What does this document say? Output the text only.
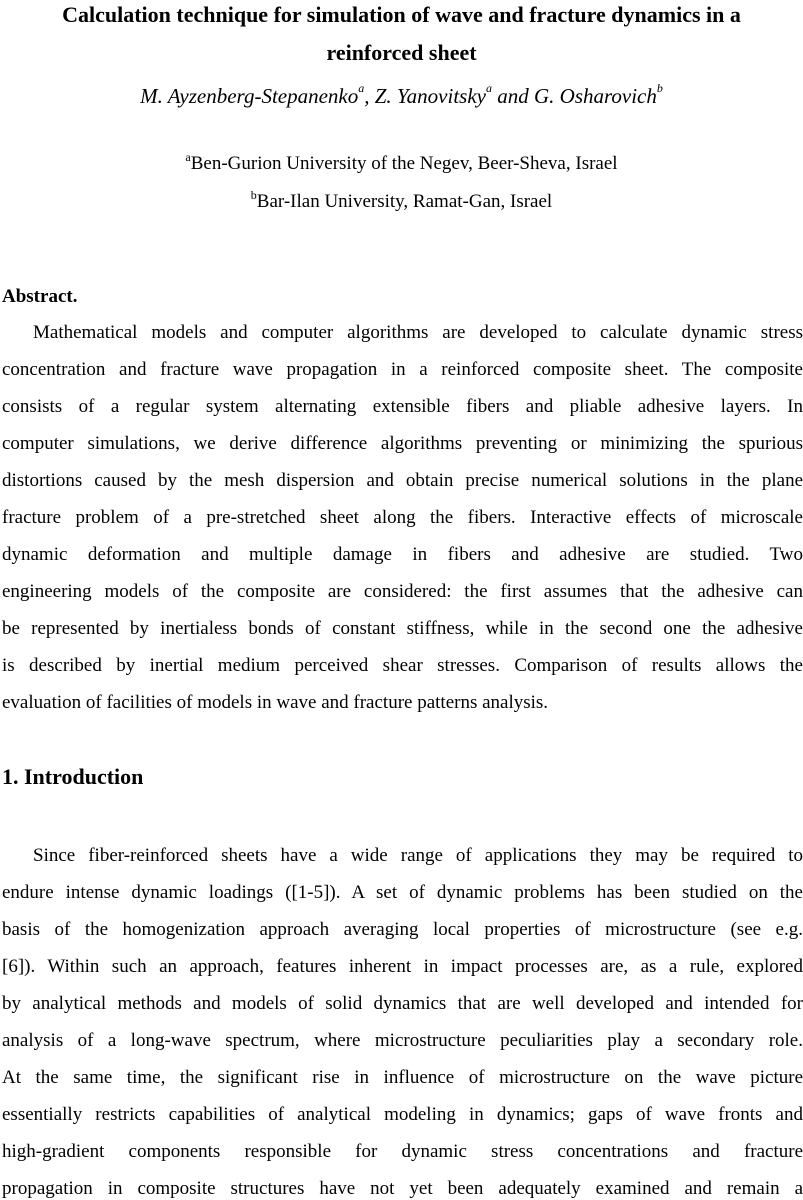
Calculation technique for simulation of wave and fracture dynamics in a
reinforced sheet
M. Ayzenberg-Stepanenko$^a$, Z. Yanovitsky$^a$ and G. Osharovich$^b$
$^a$Ben-Gurion University of the Negev, Beer-Sheva, Israel
$^b$Bar-Ilan University, Ramat-Gan, Israel
Abstract.
Mathematical models and computer algorithms are developed to calculate dynamic stress
concentration and fracture wave propagation in a reinforced composite sheet. The composite
consists of a regular system alternating extensible fibers and pliable adhesive layers. In
computer simulations, we derive difference algorithms preventing or minimizing the spurious
distortions caused by the mesh dispersion and obtain precise numerical solutions in the plane
fracture problem of a pre-stretched sheet along the fibers. Interactive effects of microscale
dynamic deformation and multiple damage in fibers and adhesive are studied. Two
engineering models of the composite are considered: the first assumes that the adhesive can
be represented by inertialess bonds of constant stiffness, while in the second one the adhesive
is described by inertial medium perceived shear stresses. Comparison of results allows the
evaluation of facilities of models in wave and fracture patterns analysis.
1. Introduction
Since fiber-reinforced sheets have a wide range of applications they may be required to
endure intense dynamic loadings ([1-5]). A set of dynamic problems has been studied on the
basis of the homogenization approach averaging local properties of microstructure (see e.g.
[6]). Within such an approach, features inherent in impact processes are, as a rule, explored
by analytical methods and models of solid dynamics that are well developed and intended for
analysis of a long-wave spectrum, where microstructure peculiarities play a secondary role.
At the same time, the significant rise in influence of microstructure on the wave picture
essentially restricts capabilities of analytical modeling in dynamics; gaps of wave fronts and
high-gradient components responsible for dynamic stress concentrations and fracture
propagation in composite structures have not yet been adequately examined and remain a
